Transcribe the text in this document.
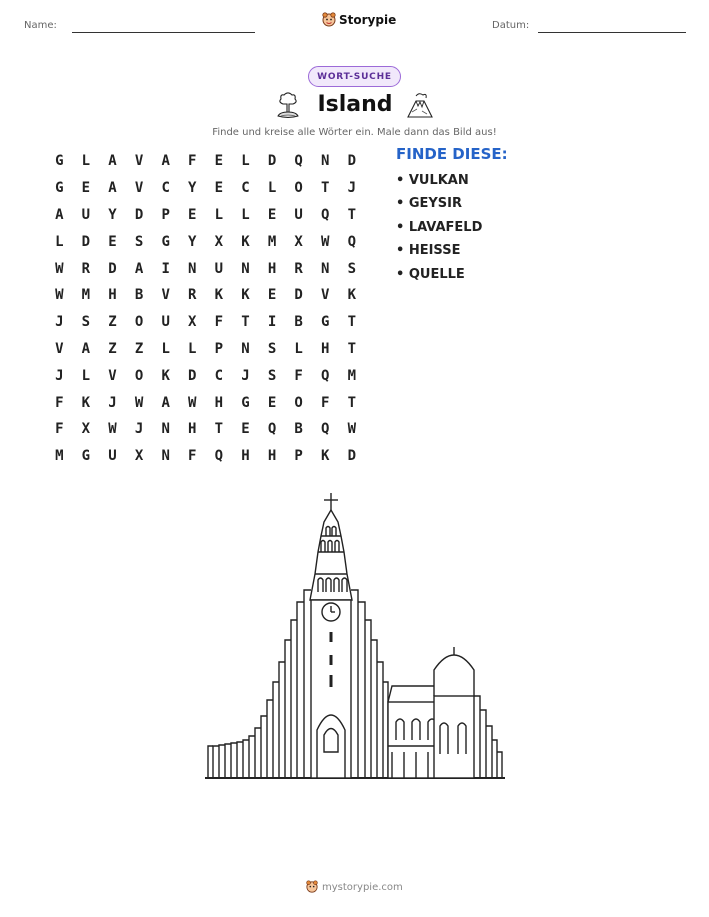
Name:	Storypie	Datum:
WORT-SUCHE
Island
Finde und kreise alle Wörter ein. Male dann das Bild aus!
G	L	A	V	A	F	E	L	D	Q	N	D
G	E	A	V	C	Y	E	C	L	O	T	J
A	U	Y	D	P	E	L	L	E	U	Q	T
L	D	E	S	G	Y	X	K	M	X	W	Q
W	R	D	A	I	N	U	N	H	R	N	S
W	M	H	B	V	R	K	K	E	D	V	K
J	S	Z	O	U	X	F	T	I	B	G	T
V	A	Z	Z	L	L	P	N	S	L	H	T
J	L	V	O	K	D	C	J	S	F	Q	M
F	K	J	W	A	W	H	G	E	O	F	T
F	X	W	J	N	H	T	E	Q	B	Q	W
M	G	U	X	N	F	Q	H	H	P	K	D
FINDE DIESE:
• VULKAN
• GEYSIR
• LAVAFELD
• HEISSE
• QUELLE
mystorypie.com
